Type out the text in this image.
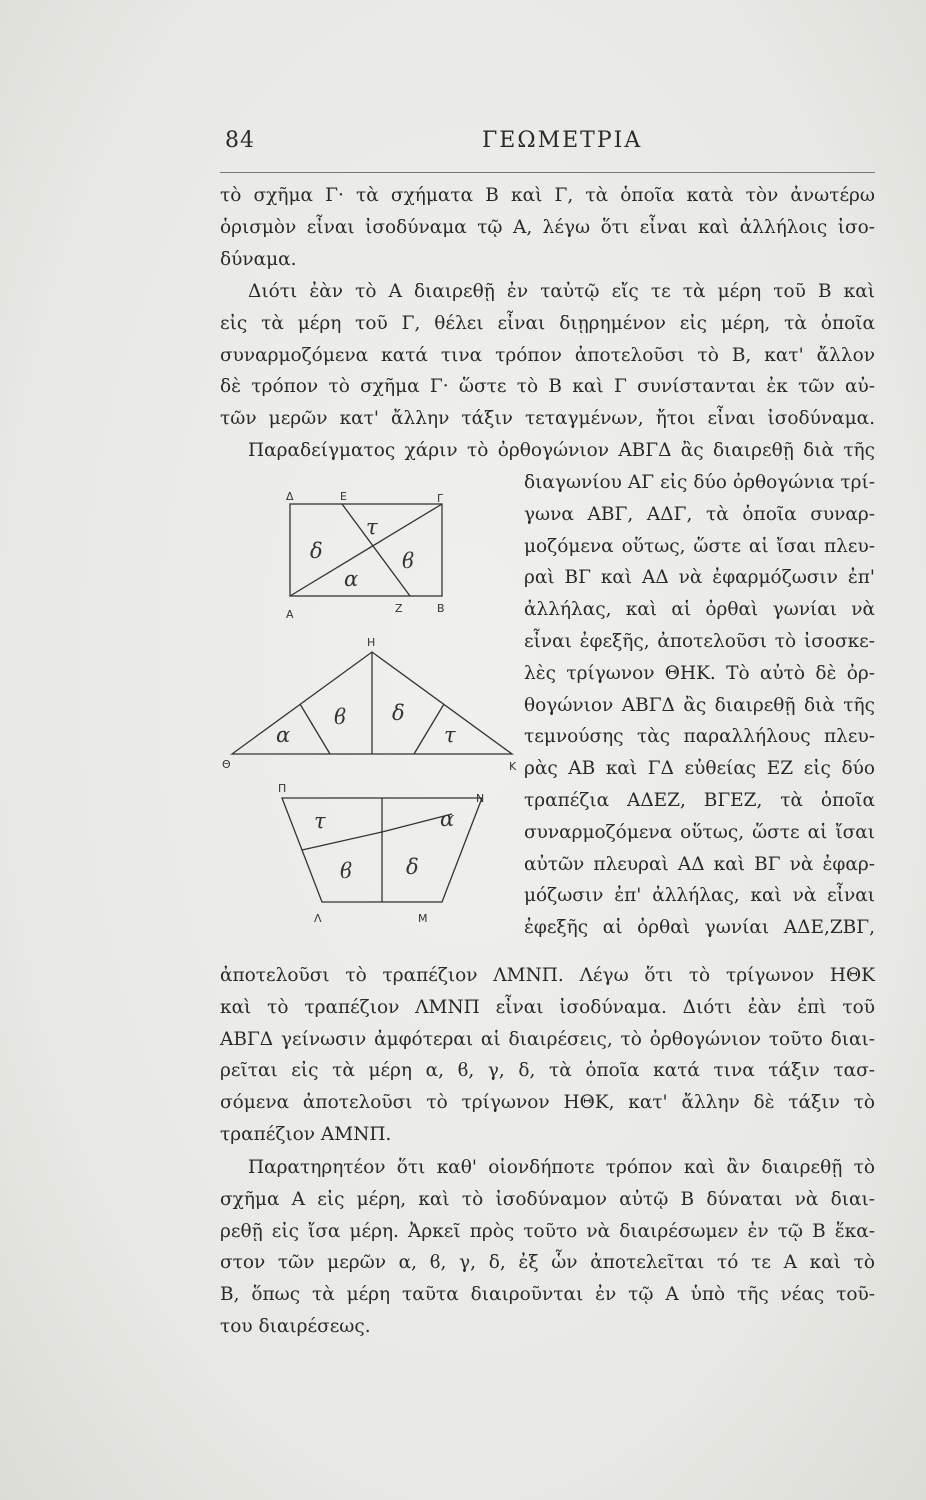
84	ΓΕΩΜΕΤΡΙΑ
τὸ σχῆμα Γ· τὰ σχήματα Β καὶ Γ, τὰ ὁποῖα κατὰ τὸν ἀνωτέρω
ὁρισμὸν εἶναι ἰσοδύναμα τῷ Α, λέγω ὅτι εἶναι καὶ ἀλλήλοις ἰσο-
δύναμα.
Διότι ἐὰν τὸ Α διαιρεθῇ ἐν ταὐτῷ εἴς τε τὰ μέρη τοῦ Β καὶ
εἰς τὰ μέρη τοῦ Γ, θέλει εἶναι διῃρημένον εἰς μέρη, τὰ ὁποῖα
συναρμοζόμενα κατά τινα τρόπον ἀποτελοῦσι τὸ Β, κατ' ἄλλον
δὲ τρόπον τὸ σχῆμα Γ· ὥστε τὸ Β καὶ Γ συνίστανται ἐκ τῶν αὐ-
τῶν μερῶν κατ' ἄλλην τάξιν τεταγμένων, ἤτοι εἶναι ἰσοδύναμα.
Παραδείγματος χάριν τὸ ὀρθογώνιον ΑΒΓΔ ἂς διαιρεθῇ διὰ τῆς
διαγωνίου ΑΓ εἰς δύο ὀρθογώνια τρί-
γωνα ΑΒΓ, ΑΔΓ, τὰ ὁποῖα συναρ-
μοζόμενα οὕτως, ὥστε αἱ ἴσαι πλευ-
ραὶ ΒΓ καὶ ΑΔ νὰ ἐφαρμόζωσιν ἐπ'
ἀλλήλας, καὶ αἱ ὀρθαὶ γωνίαι νὰ
εἶναι ἐφεξῆς, ἀποτελοῦσι τὸ ἰσοσκε-
λὲς τρίγωνον ΘΗΚ. Τὸ αὐτὸ δὲ ὀρ-
θογώνιον ΑΒΓΔ ἂς διαιρεθῇ διὰ τῆς
τεμνούσης τὰς παραλλήλους πλευ-
ρὰς ΑΒ καὶ ΓΔ εὐθείας ΕΖ εἰς δύο
τραπέζια ΑΔΕΖ, ΒΓΕΖ, τὰ ὁποῖα
συναρμοζόμενα οὕτως, ὥστε αἱ ἴσαι
αὐτῶν πλευραὶ ΑΔ καὶ ΒΓ νὰ ἐφαρ-
μόζωσιν ἐπ' ἀλλήλας, καὶ νὰ εἶναι
ἐφεξῆς αἱ ὀρθαὶ γωνίαι ΑΔΕ,ΖΒΓ,
ἀποτελοῦσι τὸ τραπέζιον ΛΜΝΠ. Λέγω ὅτι τὸ τρίγωνον ΗΘΚ
καὶ τὸ τραπέζιον ΛΜΝΠ εἶναι ἰσοδύναμα. Διότι ἐὰν ἐπὶ τοῦ
ΑΒΓΔ γείνωσιν ἀμφότεραι αἱ διαιρέσεις, τὸ ὀρθογώνιον τοῦτο διαι-
ρεῖται εἰς τὰ μέρη α, ϐ, γ, δ, τὰ ὁποῖα κατά τινα τάξιν τασ-
σόμενα ἀποτελοῦσι τὸ τρίγωνον ΗΘΚ, κατ' ἄλλην δὲ τάξιν τὸ
τραπέζιον ΑΜΝΠ.
Παρατηρητέον ὅτι καθ' οἱονδήποτε τρόπον καὶ ἂν διαιρεθῇ τὸ
σχῆμα Α εἰς μέρη, καὶ τὸ ἰσοδύναμον αὐτῷ Β δύναται νὰ διαι-
ρεθῇ εἰς ἴσα μέρη. Ἀρκεῖ πρὸς τοῦτο νὰ διαιρέσωμεν ἐν τῷ Β ἕκα-
στον τῶν μερῶν α, ϐ, γ, δ, ἐξ ὧν ἀποτελεῖται τό τε Α καὶ τὸ
Β, ὅπως τὰ μέρη ταῦτα διαιροῦνται ἐν τῷ Α ὑπὸ τῆς νέας τοῦ-
του διαιρέσεως.
Δ	Ε	Γ
Α	Ζ	Β
δ
τ
ϐ
α
Η
Θ	Κ
α
ϐ δ
τ
Π
Ν
Λ	Μ
τ	α
ϐ	δ
